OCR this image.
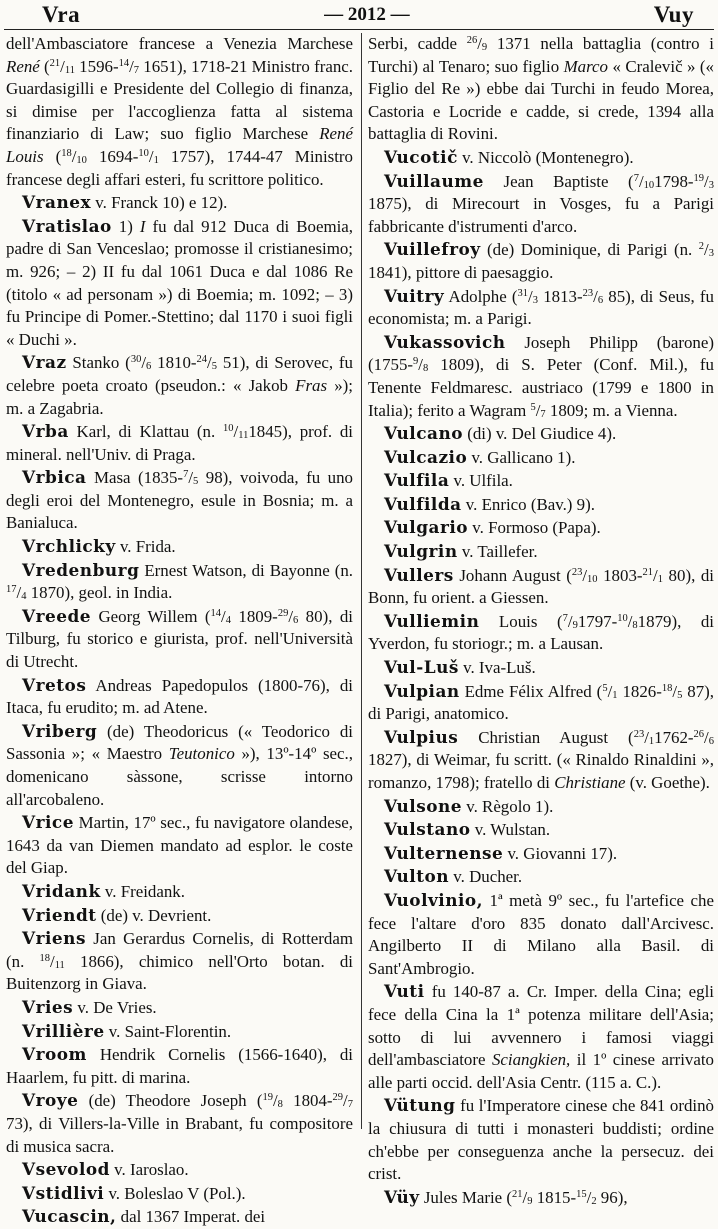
Vra	— 2012 —	Vuy

dell'Ambasciatore francese a Venezia Marchese René ($^{21}$/11 1596-$^{14}$/7 1651), 1718-21 Ministro franc. Guardasigilli e Presidente del Collegio di finanza, si dimise per l'accoglienza fatta al sistema finanziario di Law; suo figlio Marchese René Louis ($^{18}$/10 1694-$^{10}$/1 1757), 1744-47 Ministro francese degli affari esteri, fu scrittore politico.

Vranex v. Franck 10) e 12).

Vratislao 1) I fu dal 912 Duca di Boemia, padre di San Venceslao; promosse il cristianesimo; m. 926; – 2) II fu dal 1061 Duca e dal 1086 Re (titolo « ad personam ») di Boemia; m. 1092; – 3) fu Principe di Pomer.-Stettino; dal 1170 i suoi figli « Duchi ».

Vraz Stanko ($^{30}$/6 1810-$^{24}$/5 51), di Serovec, fu celebre poeta croato (pseudon.: « Jakob Fras »); m. a Zagabria.

Vrba Karl, di Klattau (n. $^{10}$/111845), prof. di mineral. nell'Univ. di Praga.

Vrbica Masa (1835-$^7$/5 98), voivoda, fu uno degli eroi del Montenegro, esule in Bosnia; m. a Banialuca.

Vrchlicky v. Frida.

Vredenburg Ernest Watson, di Bayonne (n. $^{17}$/4 1870), geol. in India.

Vreede Georg Willem ($^{14}$/4 1809-$^{29}$/6 80), di Tilburg, fu storico e giurista, prof. nell'Università di Utrecht.

Vretos Andreas Papedopulos (1800-76), di Itaca, fu erudito; m. ad Atene.

Vriberg (de) Theodoricus (« Teodorico di Sassonia »; « Maestro Teutonico »), 13º-14º sec., domenicano sàssone, scrisse intorno all'arcobaleno.

Vrice Martin, 17º sec., fu navigatore olandese, 1643 da van Diemen mandato ad esplor. le coste del Giap.

Vridank v. Freidank.

Vriendt (de) v. Devrient.

Vriens Jan Gerardus Cornelis, di Rotterdam (n. $^{18}$/11 1866), chimico nell'Orto botan. di Buitenzorg in Giava.

Vries v. De Vries.

Vrillière v. Saint-Florentin.

Vroom Hendrik Cornelis (1566-1640), di Haarlem, fu pitt. di marina.

Vroye (de) Theodore Joseph ($^{19}$/8 1804-$^{29}$/7 73), di Villers-la-Ville in Brabant, fu compositore di musica sacra.

Vsevolod v. Iaroslao.

Vstidlivi v. Boleslao V (Pol.).

Vucascin, dal 1367 Imperat. dei

Serbi, cadde $^{26}$/9 1371 nella battaglia (contro i Turchi) al Tenaro; suo figlio Marco « Cralevič » (« Figlio del Re ») ebbe dai Turchi in feudo Morea, Castoria e Locride e cadde, si crede, 1394 alla battaglia di Rovini.

Vucotič v. Niccolò (Montenegro).

Vuillaume Jean Baptiste ($^7$/101798-$^{19}$/3 1875), di Mirecourt in Vosges, fu a Parigi fabbricante d'istrumenti d'arco.

Vuillefroy (de) Dominique, di Parigi (n. $^2$/3 1841), pittore di paesaggio.

Vuitry Adolphe ($^{31}$/3 1813-$^{23}$/6 85), di Seus, fu economista; m. a Parigi.

Vukassovich Joseph Philipp (barone) (1755-$^9$/8 1809), di S. Peter (Conf. Mil.), fu Tenente Feldmaresc. austriaco (1799 e 1800 in Italia); ferito a Wagram $^5$/7 1809; m. a Vienna.

Vulcano (di) v. Del Giudice 4).

Vulcazio v. Gallicano 1).

Vulfila v. Ulfila.

Vulfilda v. Enrico (Bav.) 9).

Vulgario v. Formoso (Papa).

Vulgrin v. Taillefer.

Vullers Johann August ($^{23}$/10 1803-$^{21}$/1 80), di Bonn, fu orient. a Giessen.

Vulliemin Louis ($^7$/91797-$^{10}$/81879), di Yverdon, fu storiogr.; m. a Lausan.

Vul-Luš v. Iva-Luš.

Vulpian Edme Félix Alfred ($^5$/1 1826-$^{18}$/5 87), di Parigi, anatomico.

Vulpius Christian August ($^{23}$/11762-$^{26}$/6 1827), di Weimar, fu scritt. (« Rinaldo Rinaldini », romanzo, 1798); fratello di Christiane (v. Goethe).

Vulsone v. Règolo 1).

Vulstano v. Wulstan.

Vulternense v. Giovanni 17).

Vulton v. Ducher.

Vuolvinio, 1ª metà 9º sec., fu l'artefice che fece l'altare d'oro 835 donato dall'Arcivesc. Angilberto II di Milano alla Basil. di Sant'Ambrogio.

Vuti fu 140-87 a. Cr. Imper. della Cina; egli fece della Cina la 1ª potenza militare dell'Asia; sotto di lui avvennero i famosi viaggi dell'ambasciatore Sciangkien, il 1º cinese arrivato alle parti occid. dell'Asia Centr. (115 a. C.).

Vütung fu l'Imperatore cinese che 841 ordinò la chiusura di tutti i monasteri buddisti; ordine ch'ebbe per conseguenza anche la persecuz. dei crist.

Vüy Jules Marie ($^{21}$/9 1815-$^{15}$/2 96),
